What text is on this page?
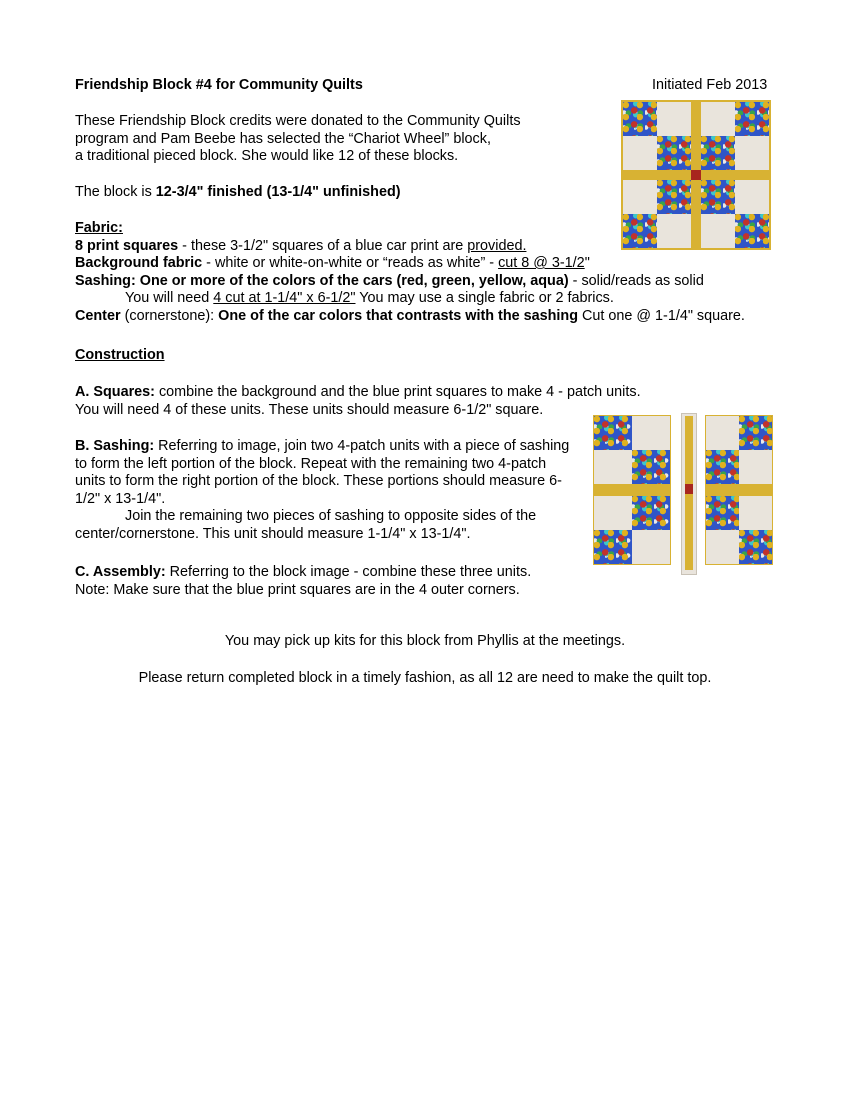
Friendship Block #4 for Community Quilts	Initiated Feb 2013
These Friendship Block credits were donated to the Community Quilts
program and Pam Beebe has selected the “Chariot Wheel” block,
a traditional pieced block. She would like 12 of these blocks.
The block is 12-3/4" finished (13-1/4" unfinished)
Fabric:
8 print squares - these 3-1/2" squares of a blue car print are provided.
Background fabric - white or white-on-white or “reads as white” - cut 8 @ 3-1/2"
Sashing: One or more of the colors of the cars (red, green, yellow, aqua) - solid/reads as solid
You will need 4 cut at 1-1/4" x 6-1/2" You may use a single fabric or 2 fabrics.
Center (cornerstone): One of the car colors that contrasts with the sashing Cut one @ 1-1/4" square.
Construction
A. Squares: combine the background and the blue print squares to make 4 - patch units.
You will need 4 of these units. These units should measure 6-1/2" square.
B. Sashing: Referring to image, join two 4-patch units with a piece of sashing
to form the left portion of the block. Repeat with the remaining two 4-patch
units to form the right portion of the block. These portions should measure 6-
1/2" x 13-1/4".
Join the remaining two pieces of sashing to opposite sides of the
center/cornerstone. This unit should measure 1-1/4" x 13-1/4".
C. Assembly: Referring to the block image - combine these three units.
Note: Make sure that the blue print squares are in the 4 outer corners.
You may pick up kits for this block from Phyllis at the meetings.
Please return completed block in a timely fashion, as all 12 are need to make the quilt top.
